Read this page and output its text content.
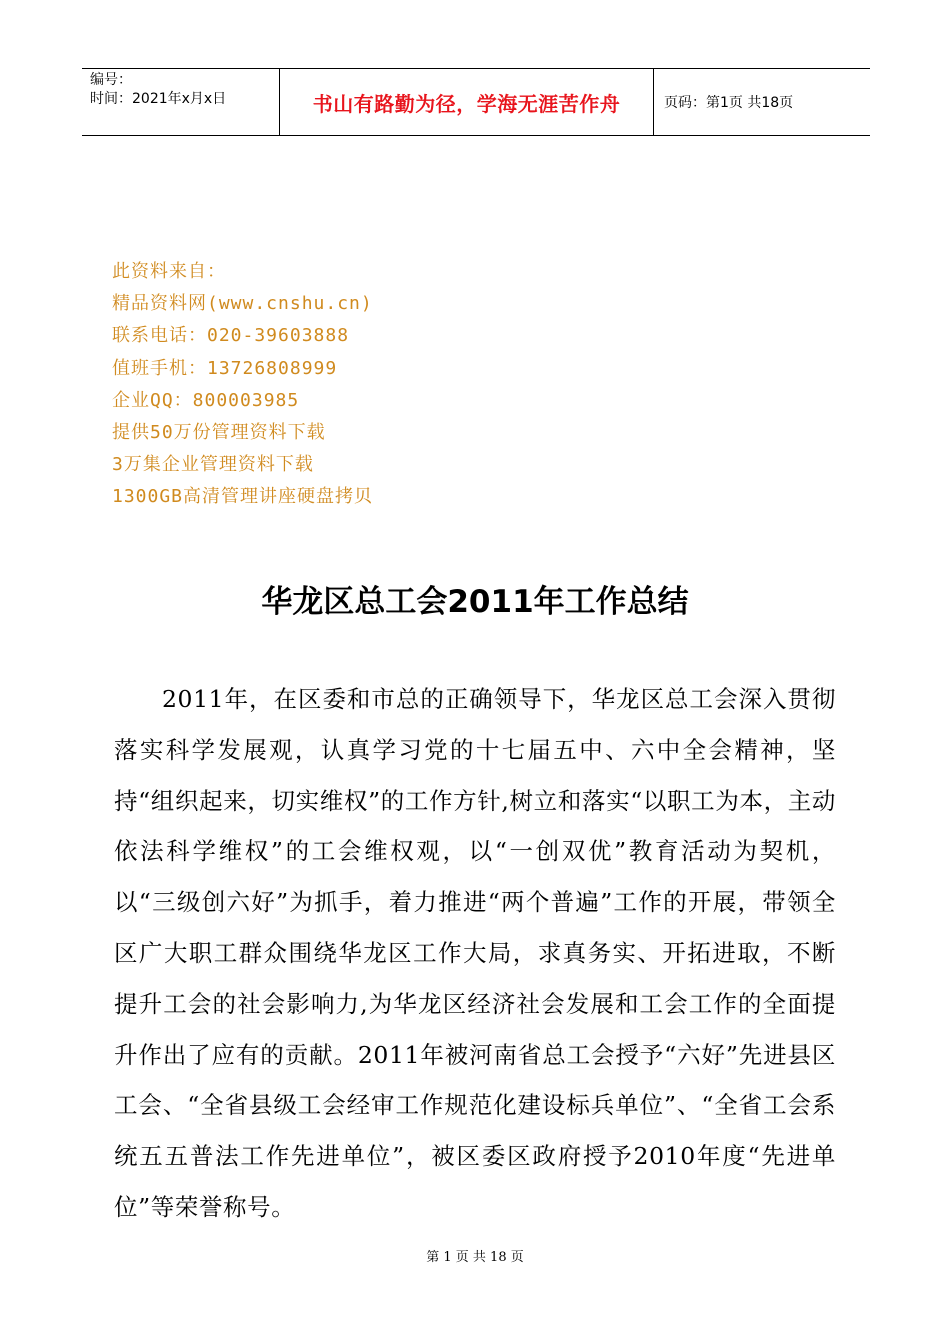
编号：
时间：2021年x月x日	书山有路勤为径，学海无涯苦作舟	页码：第1页 共18页
此资料来自：
精品资料网(www.cnshu.cn)
联系电话：020-39603888
值班手机：13726808999
企业QQ：800003985
提供50万份管理资料下载
3万集企业管理资料下载
1300GB高清管理讲座硬盘拷贝
华龙区总工会2011年工作总结
2011年，在区委和市总的正确领导下，华龙区总工会深入贯彻落实科学发展观，认真学习党的十七届五中、六中全会精神，坚持“组织起来，切实维权”的工作方针,树立和落实“以职工为本，主动依法科学维权”的工会维权观，以“一创双优”教育活动为契机，以“三级创六好”为抓手，着力推进“两个普遍”工作的开展，带领全区广大职工群众围绕华龙区工作大局，求真务实、开拓进取，不断提升工会的社会影响力,为华龙区经济社会发展和工会工作的全面提升作出了应有的贡献。2011年被河南省总工会授予“六好”先进县区工会、“全省县级工会经审工作规范化建设标兵单位”、“全省工会系统五五普法工作先进单位”，被区委区政府授予2010年度“先进单位”等荣誉称号。
第 1 页 共 18 页
